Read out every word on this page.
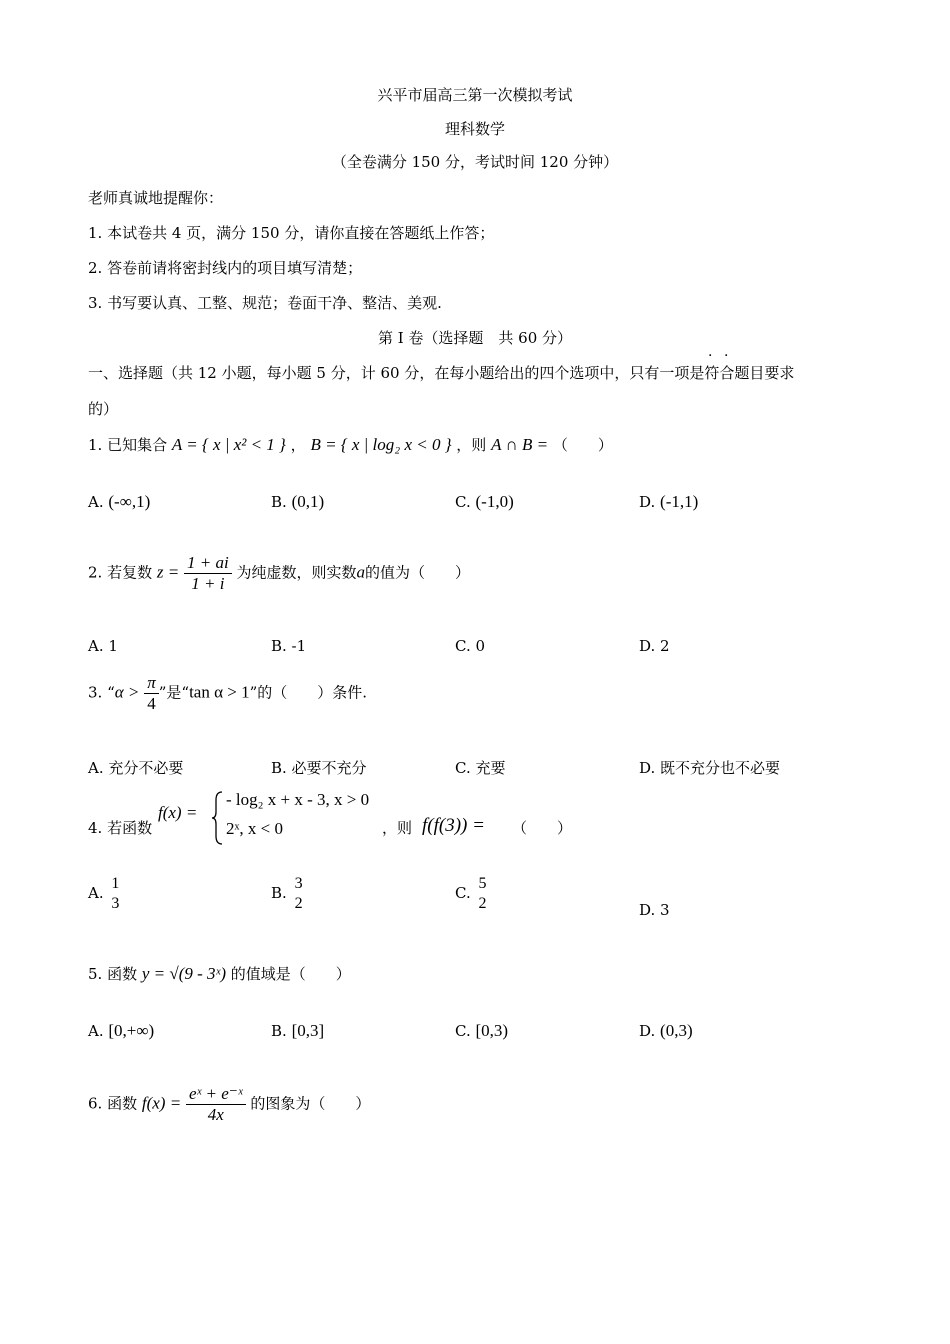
兴平市届高三第一次模拟考试
理科数学
（全卷满分 150 分，考试时间 120 分钟）
老师真诚地提醒你：
1. 本试卷共 4 页，满分 150 分，请你直接在答题纸上作答；
2. 答卷前请将密封线内的项目填写清楚；
3. 书写要认真、工整、规范；卷面干净、整洁、美观.
第 I 卷（选择题　共 60 分）
· ·
一、选择题（共 12 小题，每小题 5 分，计 60 分，在每小题给出的四个选项中，只有一项是符合题目要求
的）
1. 已知集合 A = { x | x² < 1 } ， B = { x | log₂ x < 0 } ，则 A ∩ B = （　　）
A. (-∞,1)	B. (0,1)	C. (-1,0)	D. (-1,1)
2. 若复数 $z = \frac{1 + ai}{1 + i}$ 为纯虚数，则实数a的值为（　　）
A. 1	B. -1	C. 0	D. 2
3. “$\alpha > \frac{\pi}{4}$ ”是“tan α > 1”的（　　）条件.
A. 充分不必要	B. 必要不充分	C. 充要	D. 既不充分也不必要
4. 若函数
f(x) =
- log₂ x + x - 3, x > 0
2ˣ, x < 0	，则 f(f(3)) = （　　）
A.
1
3
B.
3
2
C.
5
2	D. 3
5. 函数 y = √(9 - 3ˣ) 的值域是（　　）
A. [0,+∞)	B. [0,3]	C. [0,3)	D. (0,3)
6. 函数 $f(x) = \frac{\text{eˣ + e⁻ˣ}}{4x}$ 的图象为（　　）
